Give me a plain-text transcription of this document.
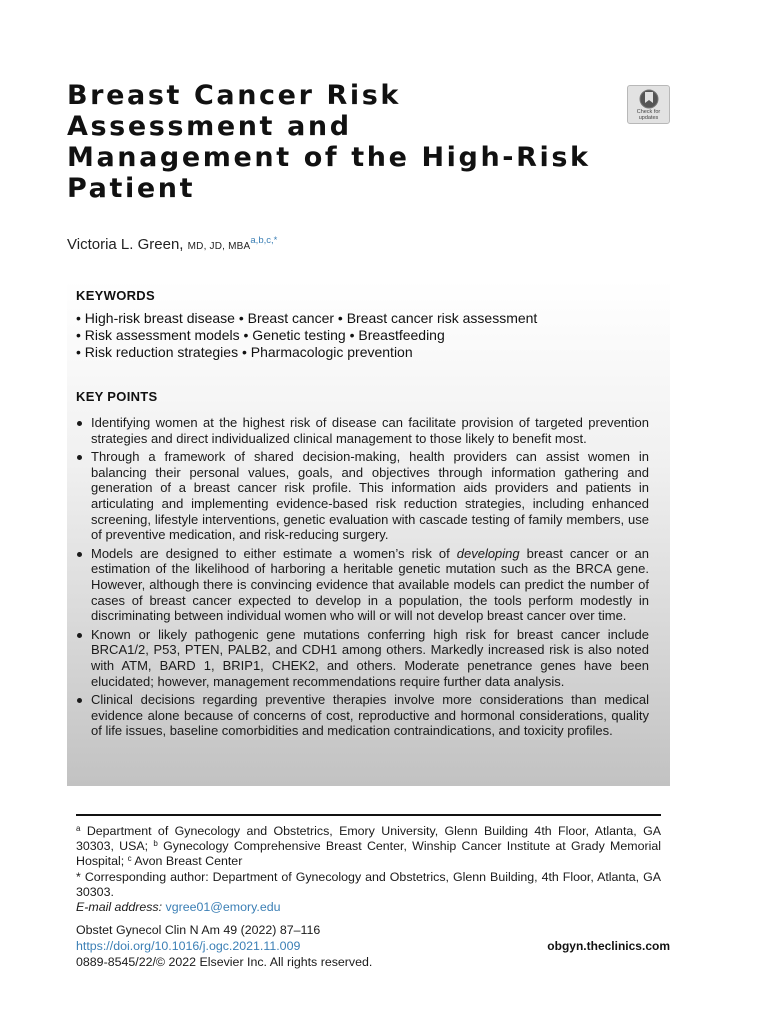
Breast Cancer Risk
Assessment and
Management of the High-Risk
Patient
Check for
updates
Victoria L. Green, MD, JD, $MBA^{a,b,c,*}$
KEYWORDS
• High-risk breast disease • Breast cancer • Breast cancer risk assessment
• Risk assessment models • Genetic testing • Breastfeeding
• Risk reduction strategies • Pharmacologic prevention
KEY POINTS
Identifying women at the highest risk of disease can facilitate provision of targeted prevention strategies and direct individualized clinical management to those likely to benefit most.
Through a framework of shared decision-making, health providers can assist women in balancing their personal values, goals, and objectives through information gathering and generation of a breast cancer risk profile. This information aids providers and patients in articulating and implementing evidence-based risk reduction strategies, including enhanced screening, lifestyle interventions, genetic evaluation with cascade testing of family members, use of preventive medication, and risk-reducing surgery.
Models are designed to either estimate a women’s risk of developing breast cancer or an estimation of the likelihood of harboring a heritable genetic mutation such as the BRCA gene. However, although there is convincing evidence that available models can predict the number of cases of breast cancer expected to develop in a population, the tools perform modestly in discriminating between individual women who will or will not develop breast cancer over time.
Known or likely pathogenic gene mutations conferring high risk for breast cancer include BRCA1/2, P53, PTEN, PALB2, and CDH1 among others. Markedly increased risk is also noted with ATM, BARD 1, BRIP1, CHEK2, and others. Moderate penetrance genes have been elucidated; however, management recommendations require further data analysis.
Clinical decisions regarding preventive therapies involve more considerations than medical evidence alone because of concerns of cost, reproductive and hormonal considerations, quality of life issues, baseline comorbidities and medication contraindications, and toxicity profiles.
$^a$ Department of Gynecology and Obstetrics, Emory University, Glenn Building 4th Floor, Atlanta, GA 30303, USA; $^b$ Gynecology Comprehensive Breast Center, Winship Cancer Institute at Grady Memorial Hospital; $^c$ Avon Breast Center
* Corresponding author: Department of Gynecology and Obstetrics, Glenn Building, 4th Floor, Atlanta, GA 30303.
E-mail address: vgree01@emory.edu
Obstet Gynecol Clin N Am 49 (2022) 87–116
https://doi.org/10.1016/j.ogc.2021.11.009
0889-8545/22/© 2022 Elsevier Inc. All rights reserved.
obgyn.theclinics.com
